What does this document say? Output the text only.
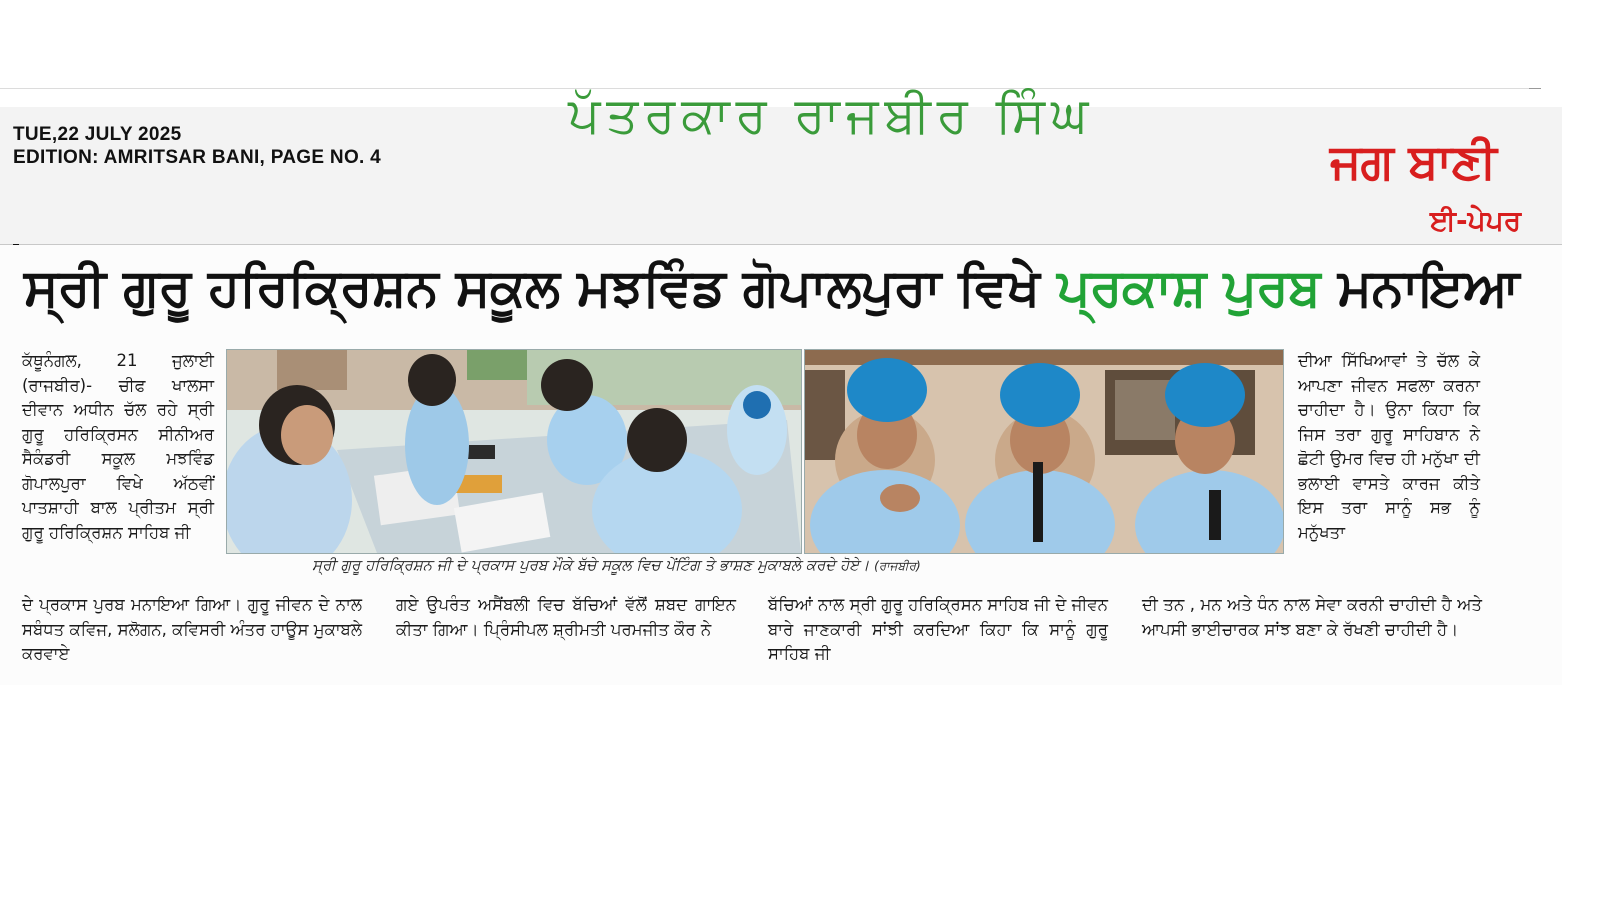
TUE,22 JULY 2025
EDITION: AMRITSAR BANI, PAGE NO. 4
ਪੱਤਰਕਾਰ ਰਾਜਬੀਰ ਸਿੰਘ
ਜਗ ਬਾਣੀ
ਈ-ਪੇਪਰ
ਸ੍ਰੀ ਗੁਰੂ ਹਰਿਕ੍ਰਿਸ਼ਨ ਸਕੂਲ ਮਝਵਿੰਡ ਗੋਪਾਲਪੁਰਾ ਵਿਖੇ ਪ੍ਰਕਾਸ਼ ਪੁਰਬ ਮਨਾਇਆ
ਕੱਥੂਨੰਗਲ, 21 ਜੁਲਾਈ (ਰਾਜਬੀਰ)- ਚੀਫ ਖਾਲਸਾ ਦੀਵਾਨ ਅਧੀਨ ਚੱਲ ਰਹੇ ਸ੍ਰੀ ਗੁਰੂ ਹਰਿਕ੍ਰਿਸਨ ਸੀਨੀਅਰ ਸੈਕੰਡਰੀ ਸਕੂਲ ਮਝਵਿੰਡ ਗੋਪਾਲਪੁਰਾ ਵਿਖੇ ਅੱਠਵੀਂ ਪਾਤਸ਼ਾਹੀ ਬਾਲ ਪ੍ਰੀਤਮ ਸ੍ਰੀ ਗੁਰੂ ਹਰਿਕ੍ਰਿਸ਼ਨ ਸਾਹਿਬ ਜੀ
ਸ੍ਰੀ ਗੁਰੂ ਹਰਿਕ੍ਰਿਸ਼ਨ ਜੀ ਦੇ ਪ੍ਰਕਾਸ ਪੁਰਬ ਮੌਕੇ ਬੱਚੇ ਸਕੂਲ ਵਿਚ ਪੇਂਟਿੰਗ ਤੇ ਭਾਸ਼ਣ ਮੁਕਾਬਲੇ ਕਰਦੇ ਹੋਏ। (ਰਾਜਬੀਰ)
ਦੇ ਪ੍ਰਕਾਸ ਪੁਰਬ ਮਨਾਇਆ ਗਿਆ। ਗੁਰੂ ਜੀਵਨ ਦੇ ਨਾਲ ਸਬੰਧਤ ਕਵਿਜ, ਸਲੋਗਨ, ਕਵਿਸਰੀ ਅੰਤਰ ਹਾਊਸ ਮੁਕਾਬਲੇ ਕਰਵਾਏ
ਗਏ ਉਪਰੰਤ ਅਸੈਂਬਲੀ ਵਿਚ ਬੱਚਿਆਂ ਵੱਲੋਂ ਸ਼ਬਦ ਗਾਇਨ ਕੀਤਾ ਗਿਆ। ਪ੍ਰਿੰਸੀਪਲ ਸ਼੍ਰੀਮਤੀ ਪਰਮਜੀਤ ਕੌਰ ਨੇ
ਬੱਚਿਆਂ ਨਾਲ ਸ੍ਰੀ ਗੁਰੂ ਹਰਿਕ੍ਰਿਸਨ ਸਾਹਿਬ ਜੀ ਦੇ ਜੀਵਨ ਬਾਰੇ ਜਾਣਕਾਰੀ ਸਾਂਝੀ ਕਰਦਿਆ ਕਿਹਾ ਕਿ ਸਾਨੂੰ ਗੁਰੂ ਸਾਹਿਬ ਜੀ
ਦੀ ਤਨ , ਮਨ ਅਤੇ ਧੰਨ ਨਾਲ ਸੇਵਾ ਕਰਨੀ ਚਾਹੀਦੀ ਹੈ ਅਤੇ ਆਪਸੀ ਭਾਈਚਾਰਕ ਸਾਂਝ ਬਣਾ ਕੇ ਰੱਖਣੀ ਚਾਹੀਦੀ ਹੈ।
ਦੀਆ ਸਿੱਖਿਆਵਾਂ ਤੇ ਚੱਲ ਕੇ ਆਪਣਾ ਜੀਵਨ ਸਫਲਾ ਕਰਨਾ ਚਾਹੀਦਾ ਹੈ। ਉਨਾ ਕਿਹਾ ਕਿ ਜਿਸ ਤਰਾ ਗੁਰੂ ਸਾਹਿਬਾਨ ਨੇ ਛੋਟੀ ਉਮਰ ਵਿਚ ਹੀ ਮਨੁੱਖਾ ਦੀ ਭਲਾਈ ਵਾਸਤੇ ਕਾਰਜ ਕੀਤੇ ਇਸ ਤਰਾ ਸਾਨੂੰ ਸਭ ਨੂੰ ਮਨੁੱਖਤਾ
